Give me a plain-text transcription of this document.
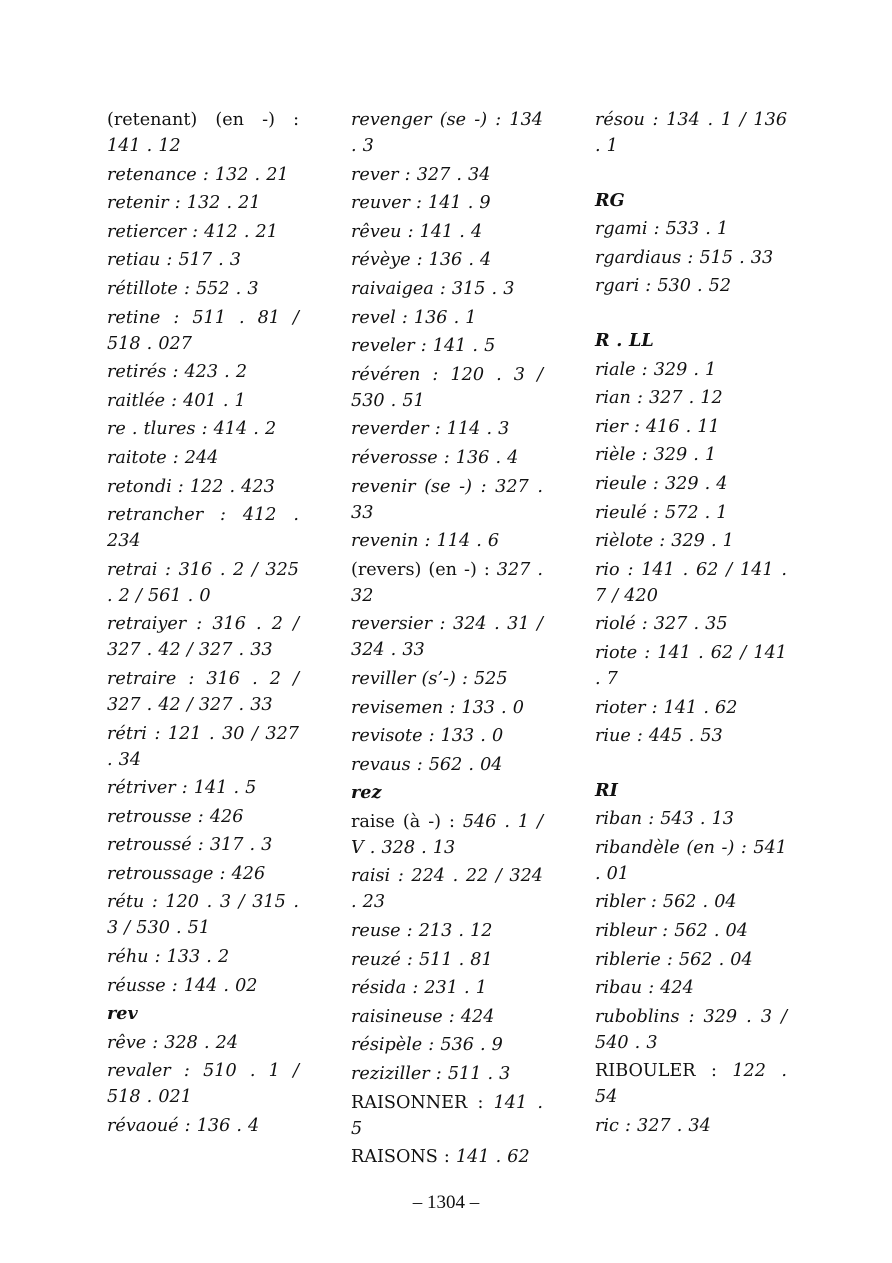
(retenant) (en -) : 141 . 12
retenance : 132 . 21
retenir : 132 . 21
retiercer : 412 . 21
retiau : 517 . 3
rétillote : 552 . 3
retine : 511 . 81 / 518 . 027
retirés : 423 . 2
raitlée : 401 . 1
re . tlures : 414 . 2
raitote : 244
retondi : 122 . 423
retrancher : 412 . 234
retrai : 316 . 2 / 325 . 2 / 561 . 0
retraiyer : 316 . 2 / 327 . 42 / 327 . 33
retraire : 316 . 2 / 327 . 42 / 327 . 33
rétri : 121 . 30 / 327 . 34
rétriver : 141 . 5
retrousse : 426
retroussé : 317 . 3
retroussage : 426
rétu : 120 . 3 / 315 . 3 / 530 . 51
réhu : 133 . 2
réusse : 144 . 02
rev
rêve : 328 . 24
revaler : 510 . 1 / 518 . 021
révaoué : 136 . 4
revenger (se -) : 134 . 3
rever : 327 . 34
reuver : 141 . 9
rêveu : 141 . 4
révèye : 136 . 4
raivaigea : 315 . 3
revel : 136 . 1
reveler : 141 . 5
révéren : 120 . 3 / 530 . 51
reverder : 114 . 3
réverosse : 136 . 4
revenir (se -) : 327 . 33
revenin : 114 . 6
(revers) (en -) : 327 . 32
reversier : 324 . 31 / 324 . 33
reviller (s’-) : 525
revisemen : 133 . 0
revisote : 133 . 0
revaus : 562 . 04
rez
raise (à -) : 546 . 1 / V . 328 . 13
raisi : 224 . 22 / 324 . 23
reuse : 213 . 12
reuzé : 511 . 81
résida : 231 . 1
raisineuse : 424
résipèle : 536 . 9
reziziller : 511 . 3
RAISONNER : 141 . 5
RAISONS : 141 . 62
résou : 134 . 1 / 136 . 1
RG
rgami : 533 . 1
rgardiaus : 515 . 33
rgari : 530 . 52
R . LL
riale : 329 . 1
rian : 327 . 12
rier : 416 . 11
rièle : 329 . 1
rieule : 329 . 4
rieulé : 572 . 1
rièlote : 329 . 1
rio : 141 . 62 / 141 . 7 / 420
riolé : 327 . 35
riote : 141 . 62 / 141 . 7
rioter : 141 . 62
riue : 445 . 53
RI
riban : 543 . 13
ribandèle (en -) : 541 . 01
ribler : 562 . 04
ribleur : 562 . 04
riblerie : 562 . 04
ribau : 424
ruboblins : 329 . 3 / 540 . 3
RIBOULER : 122 . 54
ric : 327 . 34
– 1304 –
